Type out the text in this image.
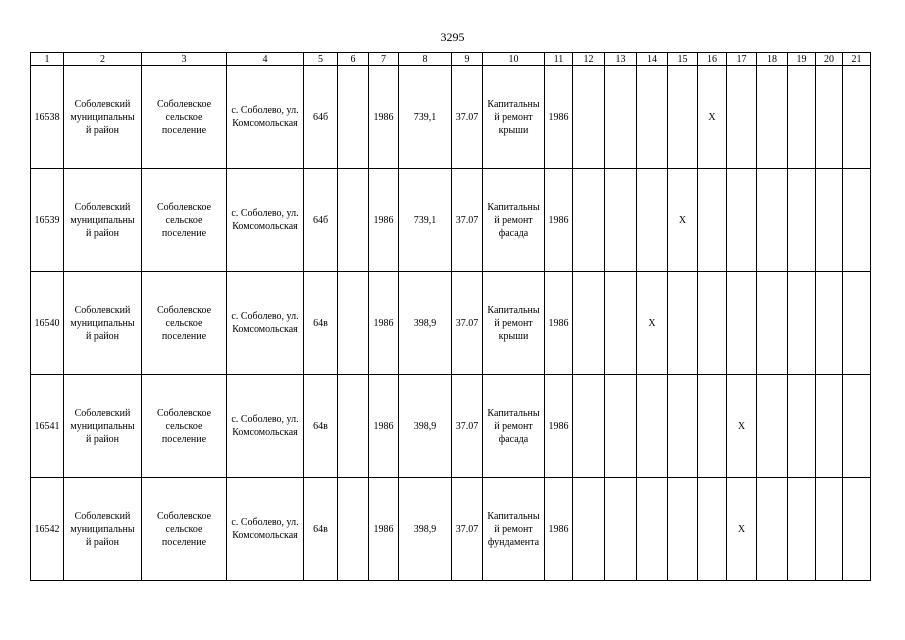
3295
1	2	3	4	5	6	7	8	9	10	11	12	13	14	15	16	17	18	19	20	21
16538	Соболевский
муниципальны
й район	Соболевское
сельское
поселение	с. Соболево, ул.
Комсомольская	64б		1986	739,1	37.07	Капитальны
й ремонт
крыши	1986					X					
16539	Соболевский
муниципальны
й район	Соболевское
сельское
поселение	с. Соболево, ул.
Комсомольская	64б		1986	739,1	37.07	Капитальны
й ремонт
фасада	1986				X						
16540	Соболевский
муниципальны
й район	Соболевское
сельское
поселение	с. Соболево, ул.
Комсомольская	64в		1986	398,9	37.07	Капитальны
й ремонт
крыши	1986			X							
16541	Соболевский
муниципальны
й район	Соболевское
сельское
поселение	с. Соболево, ул.
Комсомольская	64в		1986	398,9	37.07	Капитальны
й ремонт
фасада	1986						X				
16542	Соболевский
муниципальны
й район	Соболевское
сельское
поселение	с. Соболево, ул.
Комсомольская	64в		1986	398,9	37.07	Капитальны
й ремонт
фундамента	1986						X				
